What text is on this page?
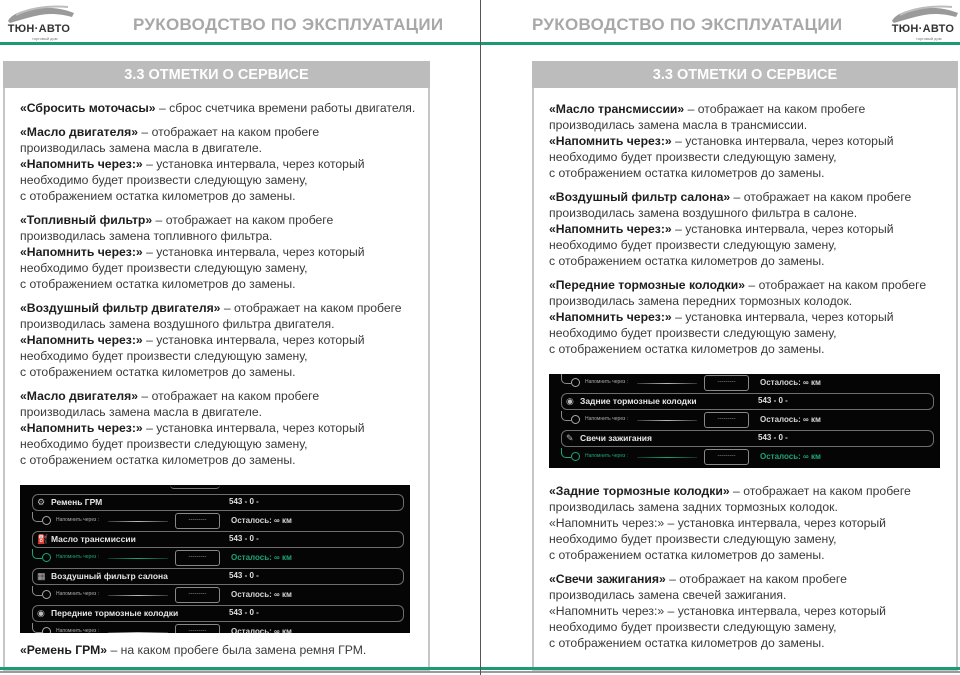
ТЮН·АВТО
торговый дом
РУКОВОДСТВО ПО ЭКСПЛУАТАЦИИ
3.3 ОТМЕТКИ О СЕРВИСЕ

«Сбросить моточасы» – сброс счетчика времени работы двигателя.

«Масло двигателя» – отображает на каком пробеге

производилась замена масла в двигателе.

«Напомнить через:» – установка интервала, через который

необходимо будет произвести следующую замену,

с отображением остатка километров до замены.

«Топливный фильтр» – отображает на каком пробеге

производилась замена топливного фильтра.

«Напомнить через:» – установка интервала, через который

необходимо будет произвести следующую замену,

с отображением остатка километров до замены.

«Воздушный фильтр двигателя» – отображает на каком пробеге

производилась замена воздушного фильтра двигателя.

«Напомнить через:» – установка интервала, через который

необходимо будет произвести следующую замену,

с отображением остатка километров до замены.

«Масло двигателя» – отображает на каком пробеге

производилась замена масла в двигателе.

«Напомнить через:» – установка интервала, через который

необходимо будет произвести следующую замену,

с отображением остатка километров до замены.

⚙ Ремень ГРМ	543 - 0 -
Напомнить через :	---------	Осталось: ∞ км
⛽ Масло трансмиссии	543 - 0 -
Напомнить через :	---------	Осталось: ∞ км
▦ Воздушный фильтр салона	543 - 0 -
Напомнить через :	---------	Осталось: ∞ км
◉ Передние тормозные колодки	543 - 0 -
Напомнить через :	---------	Осталось: ∞ км

«Ремень ГРМ» – на каком пробеге была замена ремня ГРМ.

РУКОВОДСТВО ПО ЭКСПЛУАТАЦИИ	ТЮН·АВТО
торговый дом
3.3 ОТМЕТКИ О СЕРВИСЕ

«Масло трансмиссии» – отображает на каком пробеге

производилась замена масла в трансмиссии.

«Напомнить через:» – установка интервала, через который

необходимо будет произвести следующую замену,

с отображением остатка километров до замены.

«Воздушный фильтр салона» – отображает на каком пробеге

производилась замена воздушного фильтра в салоне.

«Напомнить через:» – установка интервала, через который

необходимо будет произвести следующую замену,

с отображением остатка километров до замены.

«Передние тормозные колодки» – отображает на каком пробеге

производилась замена передних тормозных колодок.

«Напомнить через:» – установка интервала, через который

необходимо будет произвести следующую замену,

с отображением остатка километров до замены.

Напомнить через :	---------	Осталось: ∞ км
◉ Задние тормозные колодки	543 - 0 -
Напомнить через :	---------	Осталось: ∞ км
✎ Свечи зажигания	543 - 0 -
Напомнить через :	---------	Осталось: ∞ км

«Задние тормозные колодки» – отображает на каком пробеге

производилась замена задних тормозных колодок.

«Напомнить через:» – установка интервала, через который

необходимо будет произвести следующую замену,

с отображением остатка километров до замены.

«Свечи зажигания» – отображает на каком пробеге

производилась замена свечей зажигания.

«Напомнить через:» – установка интервала, через который

необходимо будет произвести следующую замену,

с отображением остатка километров до замены.
